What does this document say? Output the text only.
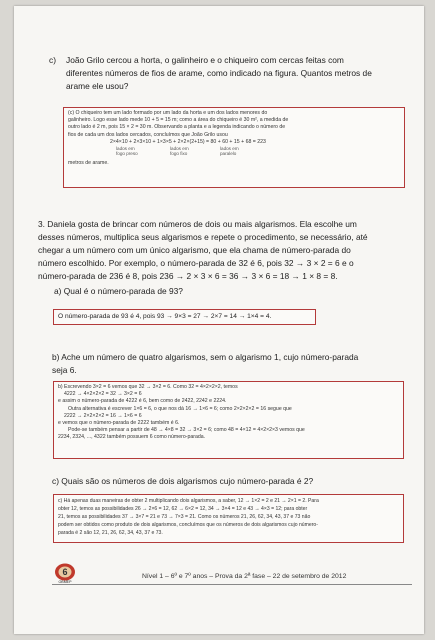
c) João Grilo cercou a horta, o galinheiro e o chiqueiro com cercas feitas com
diferentes números de fios de arame, como indicado na figura. Quantos metros de
arame ele usou?
(c) O chiqueiro tem um lado formado por um lado da horta e um dos lados menores do
galinheiro. Logo esse lado mede 10 + 5 = 15 m; como a área do chiqueiro é 30 m², a medida de
outro lado é 2 m, pois 15 × 2 = 30 m. Observando a planta e a legenda indicando o número de
fios de cada um dos lados cercados, concluímos que João Grilo usou
2×4×10 + 2×3×10 + 1×3×5 + 2×2×(2+15) = 80 + 60 + 15 + 68 = 223
lados em
fogo preso
lados em
fogo fixo
lados em
paralelo
metros de arame.
3. Daniela gosta de brincar com números de dois ou mais algarismos. Ela escolhe um
desses números, multiplica seus algarismos e repete o procedimento, se necessário, até
chegar a um número com um único algarismo, que ela chama de número-parada do
número escolhido. Por exemplo, o número-parada de 32 é 6, pois 32 → 3 × 2 = 6 e o
número-parada de 236 é 8, pois 236 → 2 × 3 × 6 = 36 → 3 × 6 = 18 → 1 × 8 = 8.
a) Qual é o número-parada de 93?
O número-parada de 93 é 4, pois 93 → 9×3 = 27 → 2×7 = 14 → 1×4 = 4.
b) Ache um número de quatro algarismos, sem o algarismo 1, cujo número-parada
seja 6.
b) Escrevendo 3×2 = 6 vemos que 32 → 3×2 = 6. Como 32 = 4×2×2×2, temos
4222 → 4×2×2×2 = 32 → 3×2 = 6
e assim o número-parada de 4222 é 6, bem como de 2422, 2242 e 2224.
Outra alternativa é escrever 1×6 = 6, o que nos dá 16 → 1×6 = 6; como 2×2×2×2 = 16 segue que
2222 → 2×2×2×2 = 16 → 1×6 = 6
e vemos que o número-parada de 2222 também é 6.
Pode-se também pensar a partir de 48 → 4×8 = 32 → 3×2 = 6; como 48 = 4×12 = 4×2×2×3 vemos que
2234, 2324, ..., 4322 também possuem 6 como número-parada.
c) Quais são os números de dois algarismos cujo número-parada é 2?
c) Há apenas duas maneiras de obter 2 multiplicando dois algarismos, a saber, 12 → 1×2 = 2 e 21 → 2×1 = 2. Para
obter 12, temos as possibilidades 26 → 2×6 = 12, 62 → 6×2 = 12, 34 → 3×4 = 12 e 43 → 4×3 = 12; para obter
21, temos as possibilidades 37 → 3×7 = 21 e 73 → 7×3 = 21. Como os números 21, 26, 62, 34, 43, 37 e 73 não
podem ser obtidos como produto de dois algarismos, concluímos que os números de dois algarismos cujo número-
parada é 2 são 12, 21, 26, 62, 34, 43, 37 e 73.
6
OBMEP
Nível 1 – 6º e 7º anos – Prova da 2ª fase – 22 de setembro de 2012
